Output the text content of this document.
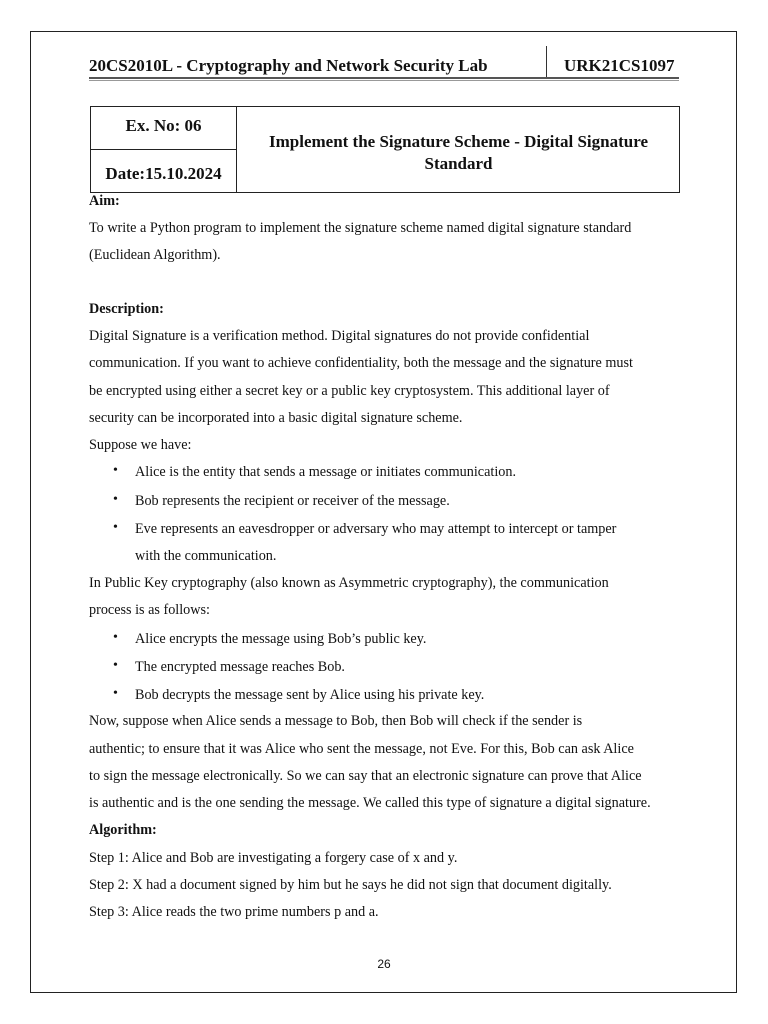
20CS2010L - Cryptography and Network Security Lab	URK21CS1097
Ex. No: 06
Date:15.10.2024
Implement the Signature Scheme - Digital Signature Standard
Aim:
To write a Python program to implement the signature scheme named digital signature standard
(Euclidean Algorithm).
Description:
Digital Signature is a verification method. Digital signatures do not provide confidential
communication. If you want to achieve confidentiality, both the message and the signature must
be encrypted using either a secret key or a public key cryptosystem. This additional layer of
security can be incorporated into a basic digital signature scheme.
Suppose we have:
• Alice is the entity that sends a message or initiates communication.
• Bob represents the recipient or receiver of the message.
• Eve represents an eavesdropper or adversary who may attempt to intercept or tamper
with the communication.
In Public Key cryptography (also known as Asymmetric cryptography), the communication
process is as follows:
• Alice encrypts the message using Bob’s public key.
• The encrypted message reaches Bob.
• Bob decrypts the message sent by Alice using his private key.
Now, suppose when Alice sends a message to Bob, then Bob will check if the sender is
authentic; to ensure that it was Alice who sent the message, not Eve. For this, Bob can ask Alice
to sign the message electronically. So we can say that an electronic signature can prove that Alice
is authentic and is the one sending the message. We called this type of signature a digital signature.
Algorithm:
Step 1: Alice and Bob are investigating a forgery case of x and y.
Step 2: X had a document signed by him but he says he did not sign that document digitally.
Step 3: Alice reads the two prime numbers p and a.
26
